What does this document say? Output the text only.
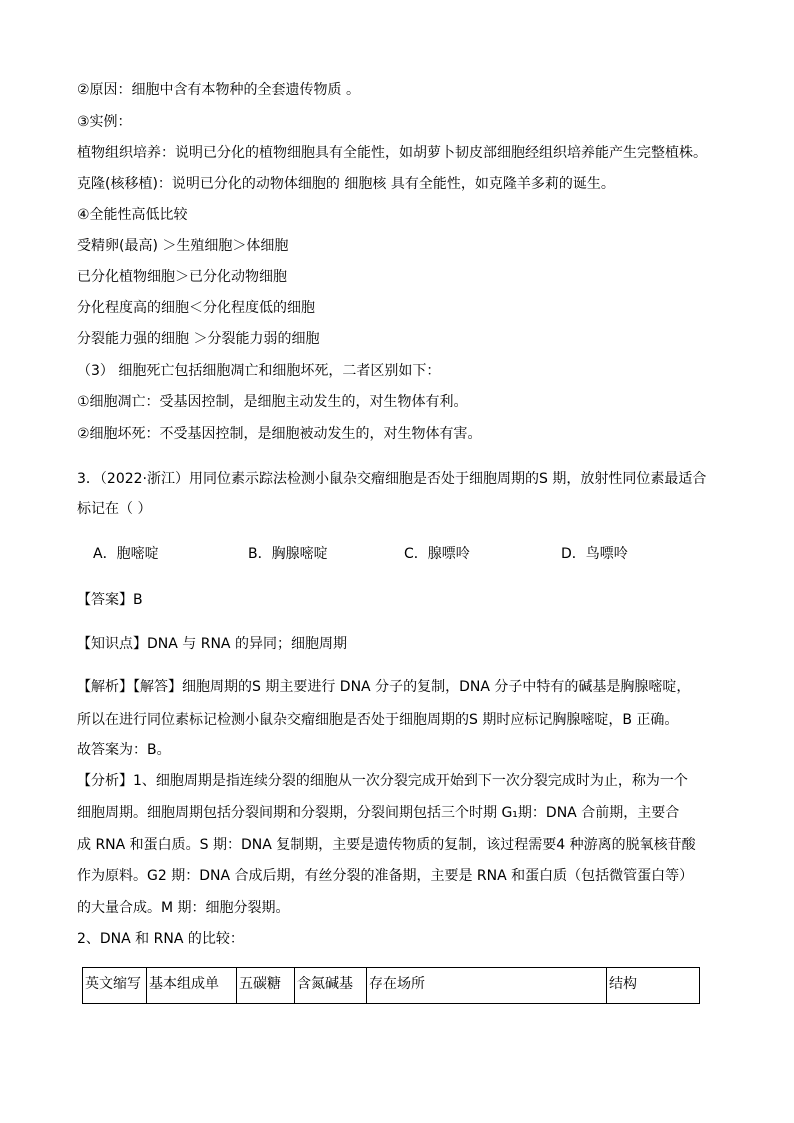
②原因：细胞中含有本物种的全套遗传物质 。
③实例：
植物组织培养：说明已分化的植物细胞具有全能性，如胡萝卜韧皮部细胞经组织培养能产生完整植株。
克隆(核移植)：说明已分化的动物体细胞的 细胞核 具有全能性，如克隆羊多莉的诞生。
④全能性高低比较
受精卵(最高) ＞生殖细胞＞体细胞
已分化植物细胞＞已分化动物细胞
分化程度高的细胞＜分化程度低的细胞
分裂能力强的细胞 ＞分裂能力弱的细胞
（3） 细胞死亡包括细胞凋亡和细胞坏死，二者区别如下：
①细胞凋亡：受基因控制，是细胞主动发生的，对生物体有利。
②细胞坏死：不受基因控制，是细胞被动发生的，对生物体有害。
3．（2022·浙江）用同位素示踪法检测小鼠杂交瘤细胞是否处于细胞周期的S 期，放射性同位素最适合
标记在（ ）
A．胞嘧啶	B．胸腺嘧啶	C．腺嘌呤	D．鸟嘌呤
【答案】B
【知识点】DNA 与 RNA 的异同；细胞周期
【解析】【解答】细胞周期的S 期主要进行 DNA 分子的复制，DNA 分子中特有的碱基是胸腺嘧啶，
所以在进行同位素标记检测小鼠杂交瘤细胞是否处于细胞周期的S 期时应标记胸腺嘧啶，B 正确。
故答案为：B。
【分析】1、细胞周期是指连续分裂的细胞从一次分裂完成开始到下一次分裂完成时为止，称为一个
细胞周期。细胞周期包括分裂间期和分裂期，分裂间期包括三个时期 G₁期：DNA 合前期，主要合
成 RNA 和蛋白质。S 期：DNA 复制期，主要是遗传物质的复制，该过程需要4 种游离的脱氧核苷酸
作为原料。G2 期：DNA 合成后期，有丝分裂的准备期，主要是 RNA 和蛋白质（包括微管蛋白等）
的大量合成。M 期：细胞分裂期。
2、DNA 和 RNA 的比较：
英文缩写	基本组成单	五碳糖	含氮碱基	存在场所	结构
